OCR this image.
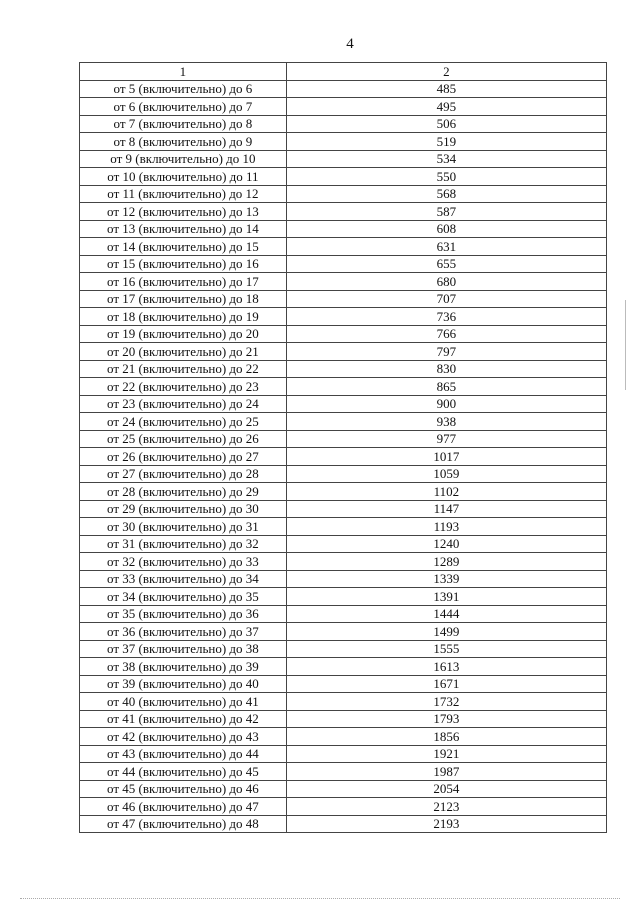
4
1	2
от 5 (включительно) до 6	485
от 6 (включительно) до 7	495
от 7 (включительно) до 8	506
от 8 (включительно) до 9	519
от 9 (включительно) до 10	534
от 10 (включительно) до 11	550
от 11 (включительно) до 12	568
от 12 (включительно) до 13	587
от 13 (включительно) до 14	608
от 14 (включительно) до 15	631
от 15 (включительно) до 16	655
от 16 (включительно) до 17	680
от 17 (включительно) до 18	707
от 18 (включительно) до 19	736
от 19 (включительно) до 20	766
от 20 (включительно) до 21	797
от 21 (включительно) до 22	830
от 22 (включительно) до 23	865
от 23 (включительно) до 24	900
от 24 (включительно) до 25	938
от 25 (включительно) до 26	977
от 26 (включительно) до 27	1017
от 27 (включительно) до 28	1059
от 28 (включительно) до 29	1102
от 29 (включительно) до 30	1147
от 30 (включительно) до 31	1193
от 31 (включительно) до 32	1240
от 32 (включительно) до 33	1289
от 33 (включительно) до 34	1339
от 34 (включительно) до 35	1391
от 35 (включительно) до 36	1444
от 36 (включительно) до 37	1499
от 37 (включительно) до 38	1555
от 38 (включительно) до 39	1613
от 39 (включительно) до 40	1671
от 40 (включительно) до 41	1732
от 41 (включительно) до 42	1793
от 42 (включительно) до 43	1856
от 43 (включительно) до 44	1921
от 44 (включительно) до 45	1987
от 45 (включительно) до 46	2054
от 46 (включительно) до 47	2123
от 47 (включительно) до 48	2193
